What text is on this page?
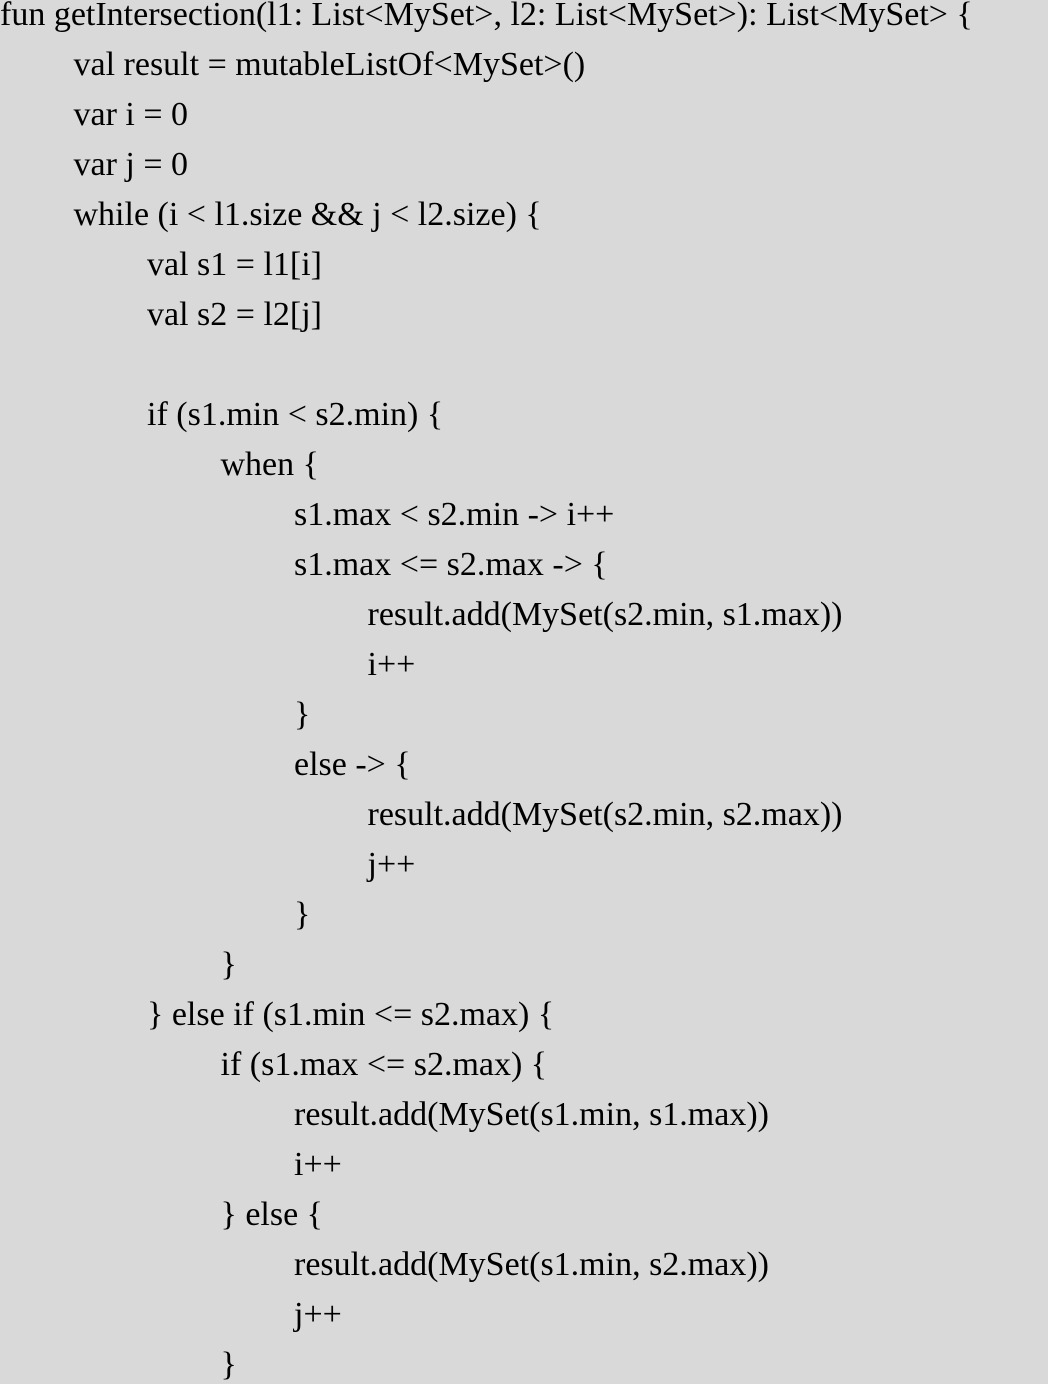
fun getIntersection(l1: List<MySet>, l2: List<MySet>): List<MySet> {
val result = mutableListOf<MySet>()
var i = 0
var j = 0
while (i < l1.size && j < l2.size) {
val s1 = l1[i]
val s2 = l2[j]
if (s1.min < s2.min) {
when {
s1.max < s2.min -> i++
s1.max <= s2.max -> {
result.add(MySet(s2.min, s1.max))
i++
}
else -> {
result.add(MySet(s2.min, s2.max))
j++
}
}
} else if (s1.min <= s2.max) {
if (s1.max <= s2.max) {
result.add(MySet(s1.min, s1.max))
i++
} else {
result.add(MySet(s1.min, s2.max))
j++
}
